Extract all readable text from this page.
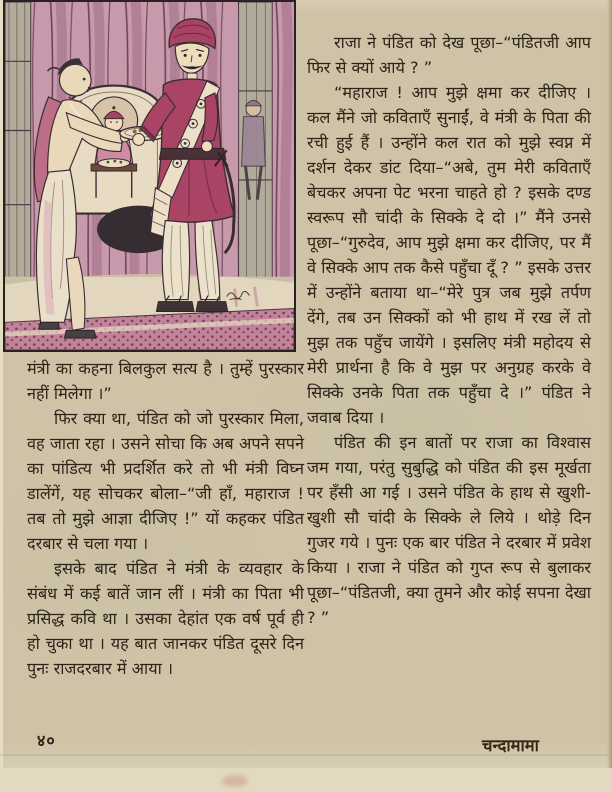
राजा ने पंडित को देख पूछा–“पंडितजी आप फिर से क्यों आये ? ”

“महाराज ! आप मुझे क्षमा कर दीजिए । कल मैंने जो कविताएँ सुनाईं, वे मंत्री के पिता की रची हुई हैं । उन्होंने कल रात को मुझे स्वप्न में दर्शन देकर डांट दिया–“अबे, तुम मेरी कविताएँ बेचकर अपना पेट भरना चाहते हो ? इसके दण्ड स्वरूप सौ चांदी के सिक्के दे दो ।” मैंने उनसे पूछा–“गुरुदेव, आप मुझे क्षमा कर दीजिए, पर मैं वे सिक्के आप तक कैसे पहुँचा दूँ ? ” इसके उत्तर में उन्होंने बताया था–“मेरे पुत्र जब मुझे तर्पण देंगे, तब उन सिक्कों को भी हाथ में रख लें तो मुझ तक पहुँच जायेंगे । इसलिए मंत्री महोदय से मेरी प्रार्थना है कि वे मुझ पर अनुग्रह करके वे सिक्के उनके पिता तक पहुँचा दे ।” पंडित ने जवाब दिया ।

पंडित की इन बातों पर राजा का विश्वास जम गया, परंतु सुबुद्धि को पंडित की इस मूर्खता पर हँसी आ गई । उसने पंडित के हाथ से खुशी-खुशी सौ चांदी के सिक्के ले लिये । थोड़े दिन गुजर गये । पुनः एक बार पंडित ने दरबार में प्रवेश किया । राजा ने पंडित को गुप्त रूप से बुलाकर पूछा–“पंडितजी, क्या तुमने और कोई सपना देखा ? ”

मंत्री का कहना बिलकुल सत्य है । तुम्हें पुरस्कार नहीं मिलेगा ।”

फिर क्या था, पंडित को जो पुरस्कार मिला, वह जाता रहा । उसने सोचा कि अब अपने सपने का पांडित्य भी प्रदर्शित करे तो भी मंत्री विघ्न डालेंगें, यह सोचकर बोला–“जी हाँ, महाराज ! तब तो मुझे आज्ञा दीजिए !” यों कहकर पंडित दरबार से चला गया ।

इसके बाद पंडित ने मंत्री के व्यवहार के संबंध में कई बातें जान लीं । मंत्री का पिता भी प्रसिद्ध कवि था । उसका देहांत एक वर्ष पूर्व ही हो चुका था । यह बात जानकर पंडित दूसरे दिन पुनः राजदरबार में आया ।

४०	चन्दामामा
